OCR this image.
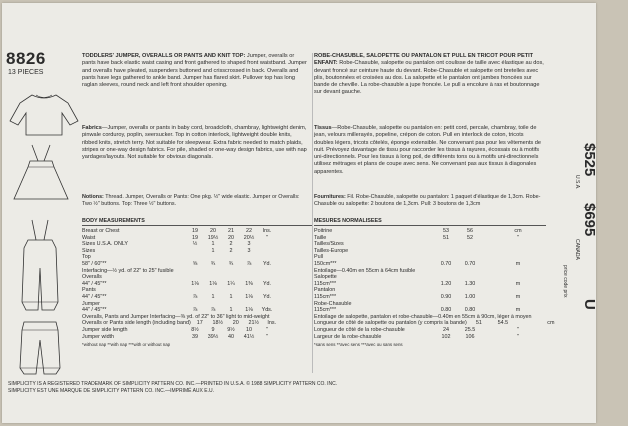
8826
13 PIECES
TODDLERS' JUMPER, OVERALLS OR PANTS AND KNIT TOP: Jumper, overalls or pants have back elastic waist casing and front gathered to shaped front waistband. Jumper and overalls have pleated, suspenders buttoned and crisscrossed in back. Overalls and pants have legs gathered to ankle band. Jumper has flared skirt. Pullover top has long raglan sleeves, round neck and left front shoulder opening.
ROBE-CHASUBLE, SALOPETTE OU PANTALON ET PULL EN TRICOT POUR PETIT ENFANT: Robe-Chasuble, salopette ou pantalon ont coulisse de taille avec élastique au dos, devant froncé sur ceinture haute du devant. Robe-Chasuble et salopette ont bretelles avec plis, boutonnées et croisées au dos. La salopette et le pantalon ont jambes froncées sur bande de cheville. La robe-chasuble a jupe froncée. Le pull a encolure à ras et boutonnage sur devant gauche.
Fabrics—Jumper, overalls or pants in baby cord, broadcloth, chambray, lightweight denim, pinwale corduroy, poplin, seersucker. Top in cotton interlock, lightweight double knits, ribbed knits, stretch terry. Not suitable for sleepwear. Extra fabric needed to match plaids, stripes or one-way design fabrics. For pile, shaded or one-way design fabrics, use with nap yardages/layouts. Not suitable for obvious diagonals.
Tissus—Robe-Chasuble, salopette ou pantalon en: petit cord, percale, chambray, toile de jean, velours millerayés, popeline, crépon de coton. Pull en interlock de coton, tricots doubles légers, tricots côtelés, éponge extensible. Ne convenant pas pour les vêtements de nuit. Prévoyez davantage de tissu pour raccorder les tissus à rayures, écossais ou à motifs uni-directionnels. Pour les tissus à long poil, de différents tons ou à motifs uni-directionnels utilisez métrages et plans de coupe avec sens. Ne convenant pas aux tissus à diagonales apparentes.
Notions: Thread. Jumper, Overalls or Pants: One pkg. ½" wide elastic. Jumper or Overalls: Two ½" buttons. Top: Three ½" buttons.
Fournitures: Fil. Robe-Chasuble, salopette ou pantalon: 1 paquet d'élastique de 1,3cm. Robe-Chasuble ou salopette: 2 boutons de 1,3cm. Pull: 3 boutons de 1,3cm
BODY MEASUREMENTS
Breast or Chest	19	20	21	22	Ins.
Waist	19	19½	20	20½	"
Sizes U.S.A. ONLY	½	1	2	3
Sizes	1	2	3
Top
58" / 60"**	⅝	¾	¾	⅞	Yd.
Interfacing—½ yd. of 22" to 25" fusible
Overalls
44" / 45"**	1⅛	1⅛	1¼	1⅜	Yd.
Pants
44" / 45"**	⅞	1	1	1⅛	Yd.
Jumper
44" / 45"**	⅞	⅞	1	1⅛	Yds.
Overalls, Pants and Jumper Interfacing—⅜ yd. of 22" to 36" light to mid-weight
Overalls or Pants side length (including band)	17	18½	20	21½	Ins.
Jumper side length	8½	9	9½	10	"
Jumper width	39	39½	40	41½	"
*without nap **with nap ***with or without nap
MESURES NORMALISEES
Poitrine	53	56	cm
Taille	51	52	"
Tailles/Sizes
Tailles-Europe
Pull
150cm***	0.70	0.70	m
Entoilage—0.40m en 55cm à 64cm fusible
Salopette
115cm***	1.20	1.30	m
Pantalon
115cm***	0.90	1.00	m
Robe-Chasuble
115cm***	0.80	0.80	m
Entoilage de salopette, pantalon et robe-chasuble—0.40m en 55cm à 90cm, léger à moyen
Longueur de côté de salopette ou pantalon (y compris la bande)	51	54.5	cm
Longueur de côté de la robe-chasuble	24	25.5	"
Largeur de la robe-chasuble	102	106	"
*sans sens **avec sens ***avec ou sans sens
$525
U.S.A.
$695
CANADA
price code prix
U
SIMPLICITY IS A REGISTERED TRADEMARK OF SIMPLICITY PATTERN CO. INC.—PRINTED IN U.S.A. © 1988 SIMPLICITY PATTERN CO. INC.
SIMPLICITY EST UNE MARQUE DE SIMPLICITY PATTERN CO. INC.—IMPRIMÉ AUX E.U.
